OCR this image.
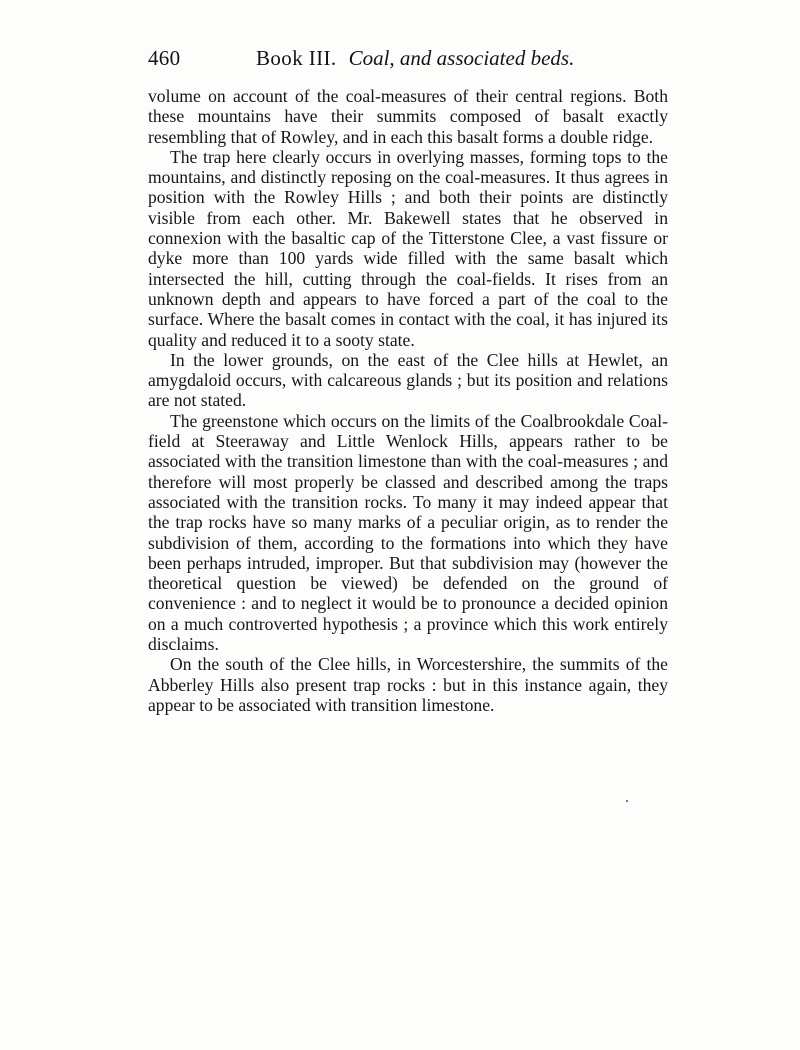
460	Book III. Coal, and associated beds.

volume on account of the coal-measures of their central regions. Both these mountains have their summits composed of basalt exactly resembling that of Rowley, and in each this basalt forms a double ridge.

The trap here clearly occurs in overlying masses, forming tops to the mountains, and distinctly reposing on the coal-measures. It thus agrees in position with the Rowley Hills ; and both their points are distinctly visible from each other. Mr. Bakewell states that he observed in connexion with the basaltic cap of the Titterstone Clee, a vast fissure or dyke more than 100 yards wide filled with the same basalt which intersected the hill, cutting through the coal-fields. It rises from an unknown depth and appears to have forced a part of the coal to the surface. Where the basalt comes in contact with the coal, it has injured its quality and reduced it to a sooty state.

In the lower grounds, on the east of the Clee hills at Hewlet, an amygdaloid occurs, with calcareous glands ; but its position and relations are not stated.

The greenstone which occurs on the limits of the Coalbrookdale Coal-field at Steeraway and Little Wenlock Hills, appears rather to be associated with the transition limestone than with the coal-measures ; and therefore will most properly be classed and described among the traps associated with the transition rocks. To many it may indeed appear that the trap rocks have so many marks of a peculiar origin, as to render the subdivision of them, according to the formations into which they have been perhaps intruded, improper. But that subdivision may (however the theoretical question be viewed) be defended on the ground of convenience : and to neglect it would be to pronounce a decided opinion on a much controverted hypothesis ; a province which this work entirely disclaims.

On the south of the Clee hills, in Worcestershire, the summits of the Abberley Hills also present trap rocks : but in this instance again, they appear to be associated with transition limestone.
